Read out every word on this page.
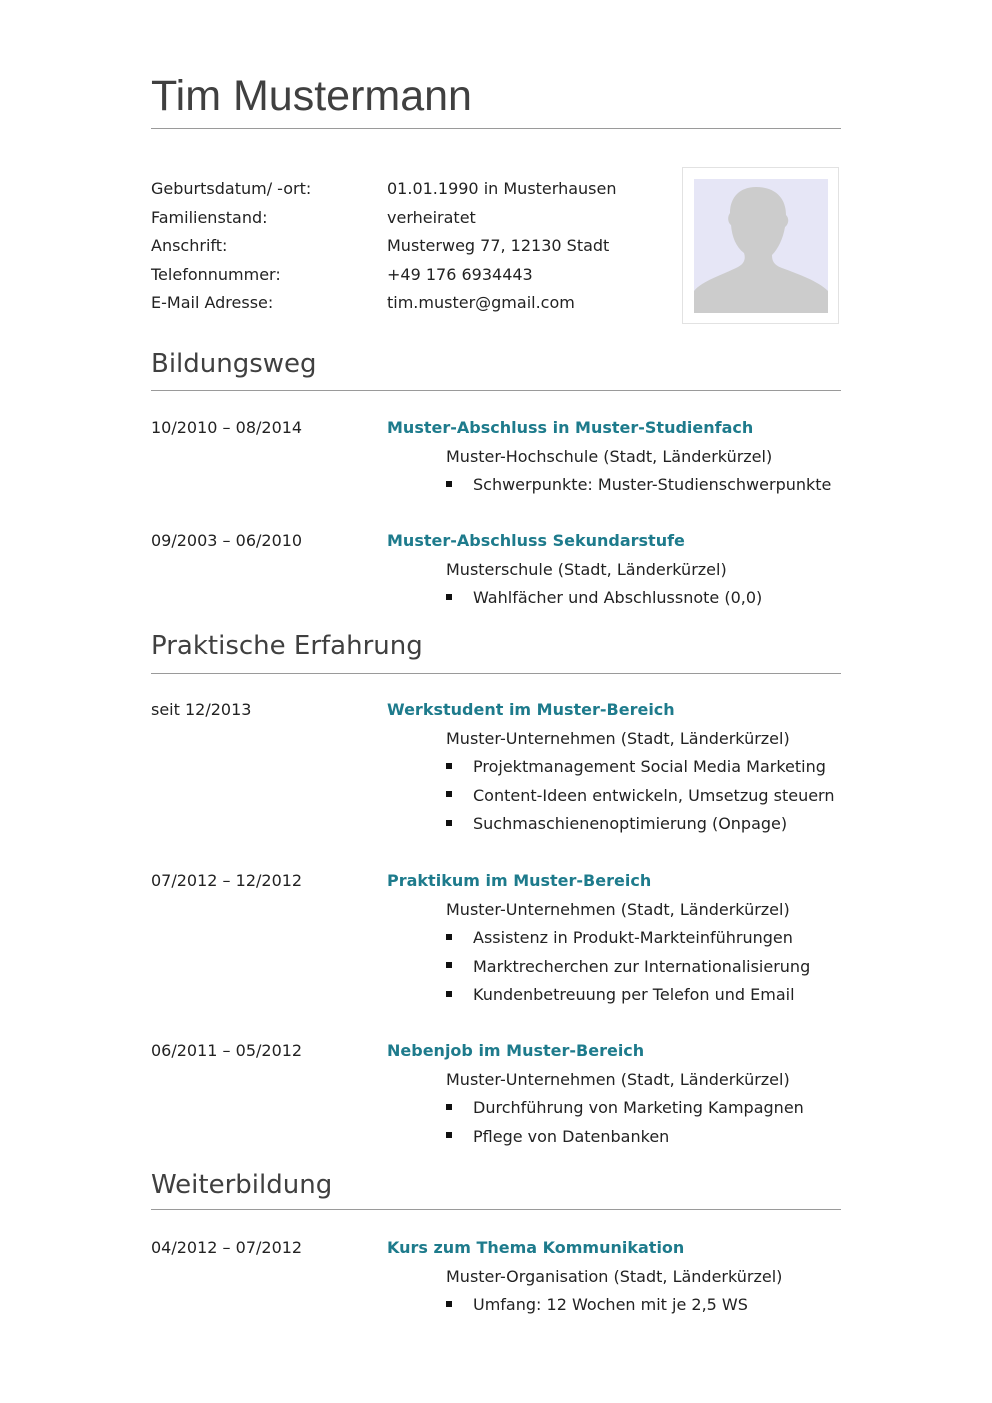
Tim Mustermann
Geburtsdatum/ -ort:	01.01.1990 in Musterhausen
Familienstand:	verheiratet
Anschrift:	Musterweg 77, 12130 Stadt
Telefonnummer:	+49 176 6934443
E-Mail Adresse:	tim.muster@gmail.com
Bildungsweg
10/2010 – 08/2014	Muster-Abschluss in Muster-Studienfach
Muster-Hochschule (Stadt, Länderkürzel)
Schwerpunkte: Muster-Studienschwerpunkte
09/2003 – 06/2010	Muster-Abschluss Sekundarstufe
Musterschule (Stadt, Länderkürzel)
Wahlfächer und Abschlussnote (0,0)
Praktische Erfahrung
seit 12/2013	Werkstudent im Muster-Bereich
Muster-Unternehmen (Stadt, Länderkürzel)
Projektmanagement Social Media Marketing
Content-Ideen entwickeln, Umsetzug steuern
Suchmaschienenoptimierung (Onpage)
07/2012 – 12/2012	Praktikum im Muster-Bereich
Muster-Unternehmen (Stadt, Länderkürzel)
Assistenz in Produkt-Markteinführungen
Marktrecherchen zur Internationalisierung
Kundenbetreuung per Telefon und Email
06/2011 – 05/2012	Nebenjob im Muster-Bereich
Muster-Unternehmen (Stadt, Länderkürzel)
Durchführung von Marketing Kampagnen
Pflege von Datenbanken
Weiterbildung
04/2012 – 07/2012	Kurs zum Thema Kommunikation
Muster-Organisation (Stadt, Länderkürzel)
Umfang: 12 Wochen mit je 2,5 WS
